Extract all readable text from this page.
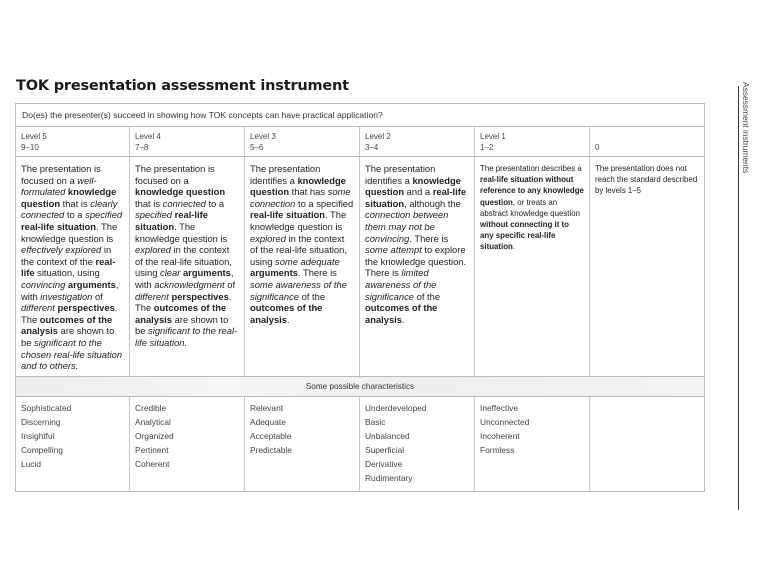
TOK presentation assessment instrument	Assessment instruments
Do(es) the presenter(s) succeed in showing how TOK concepts can have practical application?
Level 5
9–10
Level 4
7–8
Level 3
5–6
Level 2
3–4
Level 1
1–2	0
The presentation is focused on a well-formulated knowledge question that is clearly connected to a specified real-life situation. The knowledge question is effectively explored in the context of the real-life situation, using convincing arguments, with investigation of different perspectives. The outcomes of the analysis are shown to be significant to the chosen real-life situation and to others.
The presentation is focused on a knowledge question that is connected to a specified real-life situation. The knowledge question is explored in the context of the real-life situation, using clear arguments, with acknowledgment of different perspectives. The outcomes of the analysis are shown to be significant to the real-life situation.
The presentation identifies a knowledge question that has some connection to a specified real-life situation. The knowledge question is explored in the context of the real-life situation, using some adequate arguments. There is some awareness of the significance of the outcomes of the analysis.
The presentation identifies a knowledge question and a real-life situation, although the connection between them may not be convincing. There is some attempt to explore the knowledge question. There is limited awareness of the significance of the outcomes of the analysis.
The presentation describes a real-life situation without reference to any knowledge question, or treats an abstract knowledge question without connecting it to any specific real-life situation.
The presentation does not reach the standard described by levels 1–5
Some possible characteristics
Sophisticated
Discerning
Insightful
Compelling
Lucid
Credible
Analytical
Organized
Pertinent
Coherent
Relevant
Adequate
Acceptable
Predictable
Underdeveloped
Basic
Unbalanced
Superficial
Derivative
Rudimentary
Ineffective
Unconnected
Incoherent
Formless
